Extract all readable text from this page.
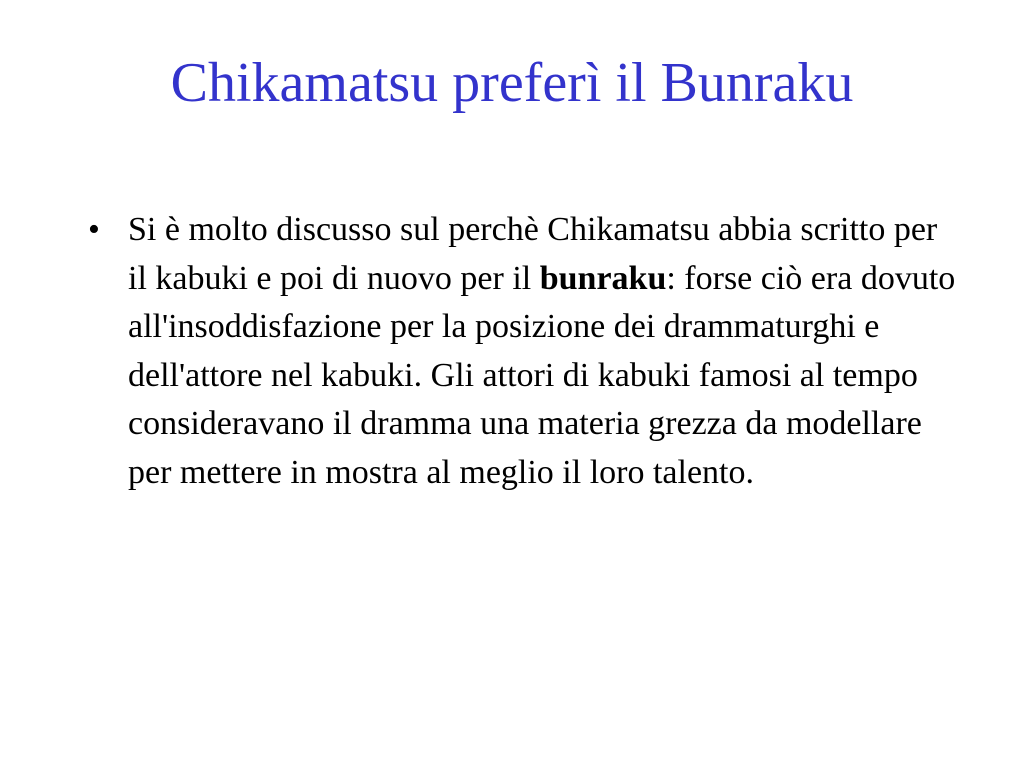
Chikamatsu preferì il Bunraku
• Si è molto discusso sul perchè Chikamatsu abbia scritto per il kabuki e poi di nuovo per il bunraku: forse ciò era dovuto all'insoddisfazione per la posizione dei drammaturghi e dell'attore nel kabuki. Gli attori di kabuki famosi al tempo consideravano il dramma una materia grezza da modellare per mettere in mostra al meglio il loro talento.
